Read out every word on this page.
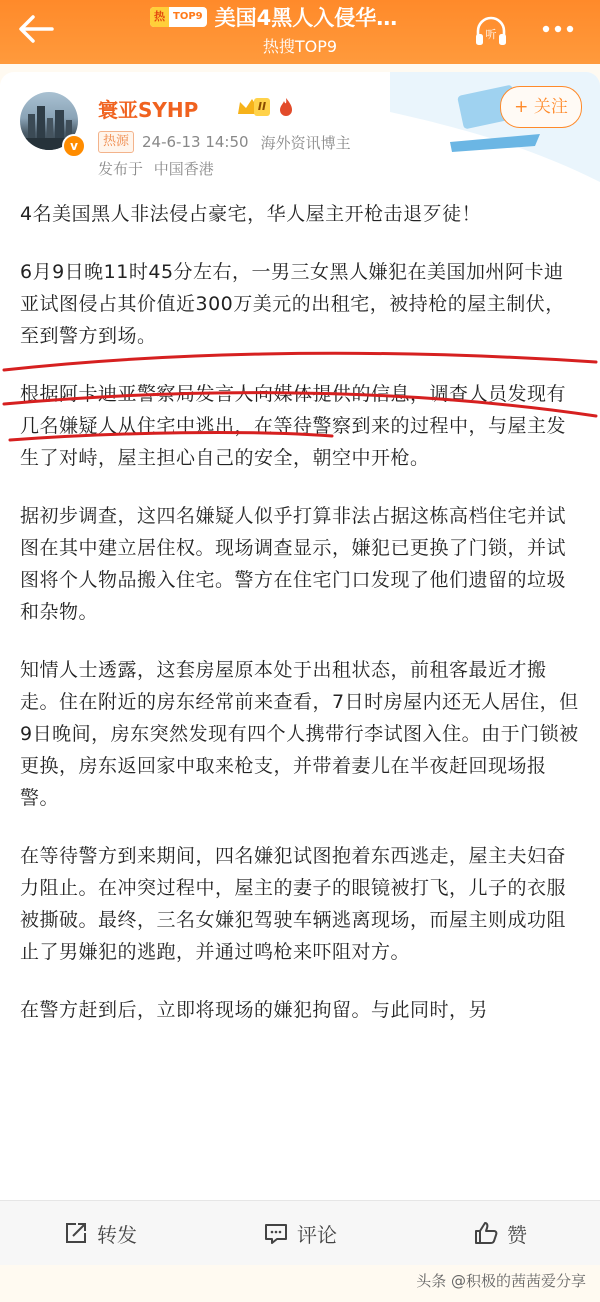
热 TOP9 美国4黑人入侵华…
热搜TOP9
听
v
寰亚SYHP	II	+ 关注
热源 24-6-13 14:50 海外资讯博主
发布于 中国香港

4名美国黑人非法侵占豪宅，华人屋主开枪击退歹徒！

6月9日晚11时45分左右，一男三女黑人嫌犯在美国加州阿卡迪亚试图侵占其价值近300万美元的出租宅，被持枪的屋主制伏，至到警方到场。

根据阿卡迪亚警察局发言人向媒体提供的信息，调查人员发现有几名嫌疑人从住宅中逃出，在等待警察到来的过程中，与屋主发生了对峙，屋主担心自己的安全，朝空中开枪。

据初步调查，这四名嫌疑人似乎打算非法占据这栋高档住宅并试图在其中建立居住权。现场调查显示，嫌犯已更换了门锁，并试图将个人物品搬入住宅。警方在住宅门口发现了他们遗留的垃圾和杂物。

知情人士透露，这套房屋原本处于出租状态，前租客最近才搬走。住在附近的房东经常前来查看，7日时房屋内还无人居住，但9日晚间，房东突然发现有四个人携带行李试图入住。由于门锁被更换，房东返回家中取来枪支，并带着妻儿在半夜赶回现场报警。

在等待警方到来期间，四名嫌犯试图抱着东西逃走，屋主夫妇奋力阻止。在冲突过程中，屋主的妻子的眼镜被打飞，儿子的衣服被撕破。最终，三名女嫌犯驾驶车辆逃离现场，而屋主则成功阻止了男嫌犯的逃跑，并通过鸣枪来吓阻对方。

在警方赶到后，立即将现场的嫌犯拘留。与此同时，另

转发	评论	赞
头条 @积极的茜茜爱分享
